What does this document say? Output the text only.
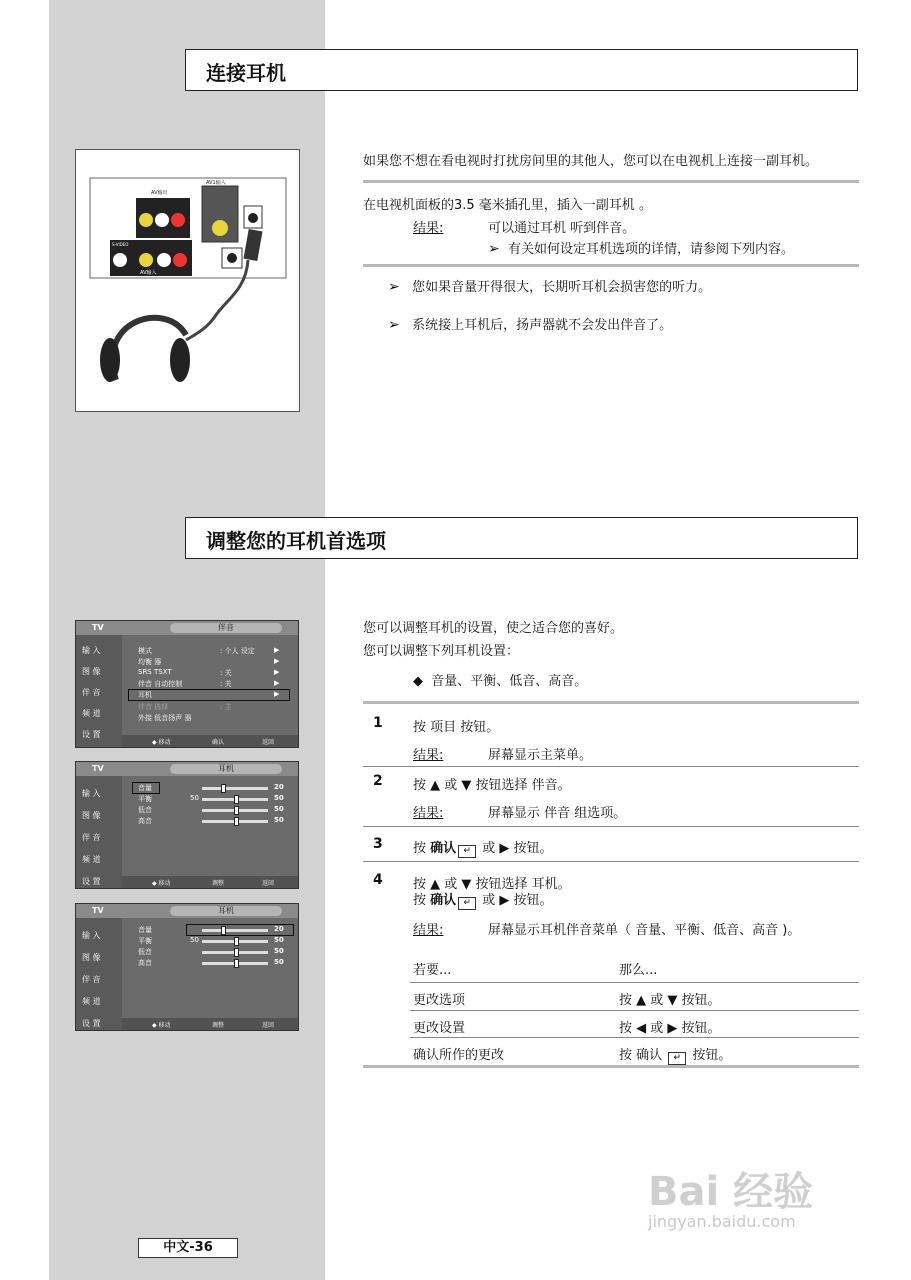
连接耳机
AV输出
AV输入
S-VIDEO
AV1输入
如果您不想在看电视时打扰房间里的其他人，您可以在电视机上连接一副耳机。
在电视机面板的3.5 毫米插孔里，插入一副耳机 。
结果:	可以通过耳机 听到伴音。
➢ 有关如何设定耳机选项的详情，请参阅下列内容。
➢ 您如果音量开得很大，长期听耳机会损害您的听力。
➢ 系统接上耳机后，扬声器就不会发出伴音了。
调整您的耳机首选项
您可以调整耳机的设置，使之适合您的喜好。
您可以调整下列耳机设置：
◆ 音量、平衡、低音、高音。
1 按 项目 按钮。
结果:	屏幕显示主菜单。
2 按 ▲ 或 ▼ 按钮选择 伴音。
结果:	屏幕显示 伴音 组选项。
3 按 确认 ↵ 或 ▶ 按钮。
4 按 ▲ 或 ▼ 按钮选择 耳机。
按 确认 ↵ 或 ▶ 按钮。
结果:	屏幕显示耳机伴音菜单（ 音量、平衡、低音、高音 )。
若要...	那么...
更改选项	按 ▲ 或 ▼ 按钮。
更改设置	按 ◀ 或 ▶ 按钮。
确认所作的更改	按 确认 ↵ 按钮。
TV	伴音
输 入
图 像
伴 音
频 道
设 置
模式	: 个人 设定	▶
均衡 器	▶
SRS TSXT	: 关	▶
伴音 自动控制	: 关	▶
耳机	▶
伴音 选择	: 主
外接 低音扬声 器
◆ 移动	确认	返回
TV	耳机
输 入
图 像
伴 音
频 道
设 置
音量	20
平衡	50	50
低音	50
高音	50
◆ 移动	调整	返回
TV	耳机
输 入
图 像
伴 音
频 道
设 置
音量	20
平衡	50	50
低音	50
高音	50
◆ 移动	调整	返回
中文-36
Bai 经验
jingyan.baidu.com
